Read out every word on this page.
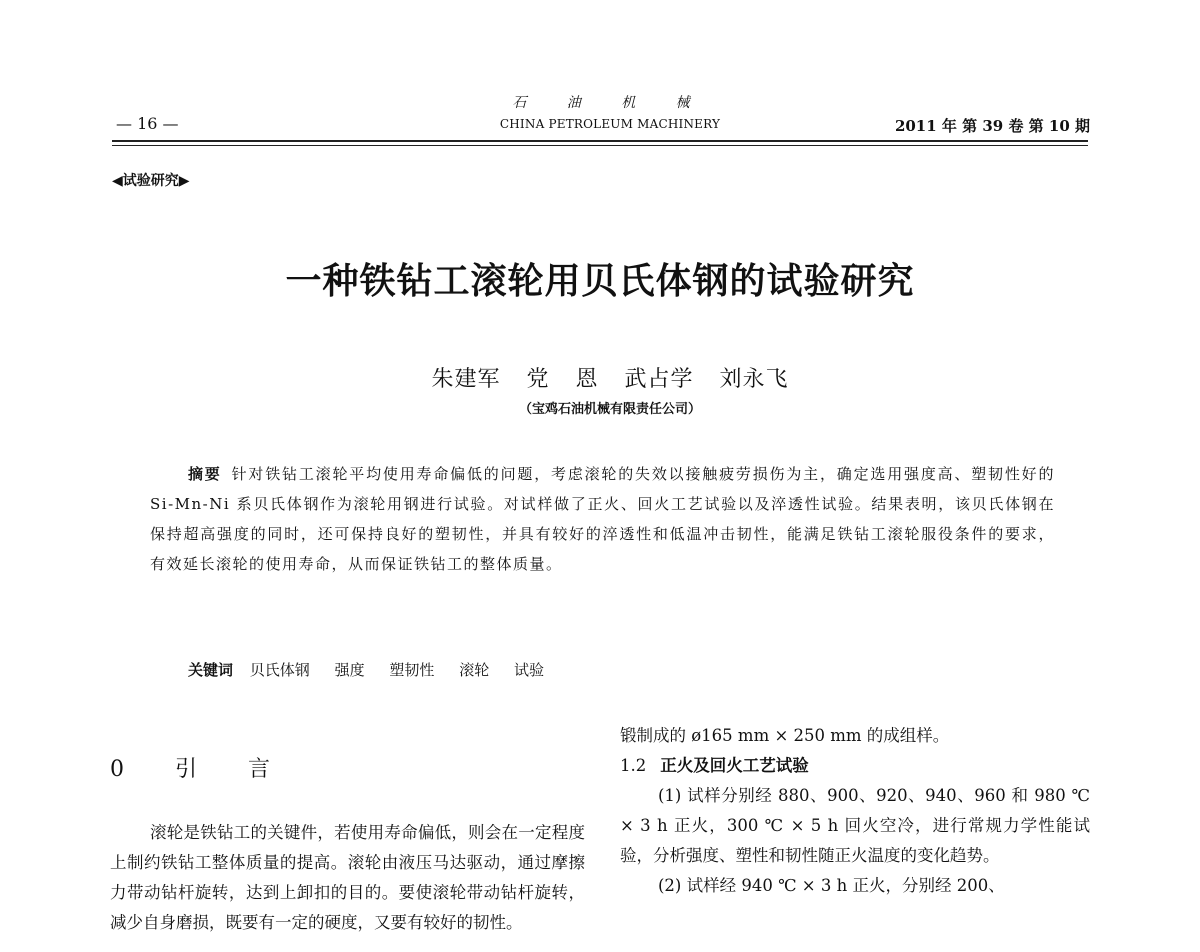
— 16 —
石 油 机 械
CHINA PETROLEUM MACHINERY	2011 年 第 39 卷 第 10 期
◀试验研究▶
一种铁钻工滚轮用贝氏体钢的试验研究
朱建军 党 恩 武占学 刘永飞
（宝鸡石油机械有限责任公司）
摘要 针对铁钻工滚轮平均使用寿命偏低的问题，考虑滚轮的失效以接触疲劳损伤为主，确定选用强度高、塑韧性好的 Si-Mn-Ni 系贝氏体钢作为滚轮用钢进行试验。对试样做了正火、回火工艺试验以及淬透性试验。结果表明，该贝氏体钢在保持超高强度的同时，还可保持良好的塑韧性，并具有较好的淬透性和低温冲击韧性，能满足铁钻工滚轮服役条件的要求，有效延长滚轮的使用寿命，从而保证铁钻工的整体质量。
关键词 贝氏体钢 强度 塑韧性 滚轮 试验
0 引 言
滚轮是铁钻工的关键件，若使用寿命偏低，则会在一定程度上制约铁钻工整体质量的提高。滚轮由液压马达驱动，通过摩擦力带动钻杆旋转，达到上卸扣的目的。要使滚轮带动钻杆旋转，减少自身磨损，既要有一定的硬度，又要有较好的韧性。

锻制成的 ø165 mm × 250 mm 的成组样。

1.2 正火及回火工艺试验

(1) 试样分别经 880、900、920、940、960 和 980 ℃ × 3 h 正火，300 ℃ × 5 h 回火空冷，进行常规力学性能试验，分析强度、塑性和韧性随正火温度的变化趋势。

(2) 试样经 940 ℃ × 3 h 正火，分别经 200、
